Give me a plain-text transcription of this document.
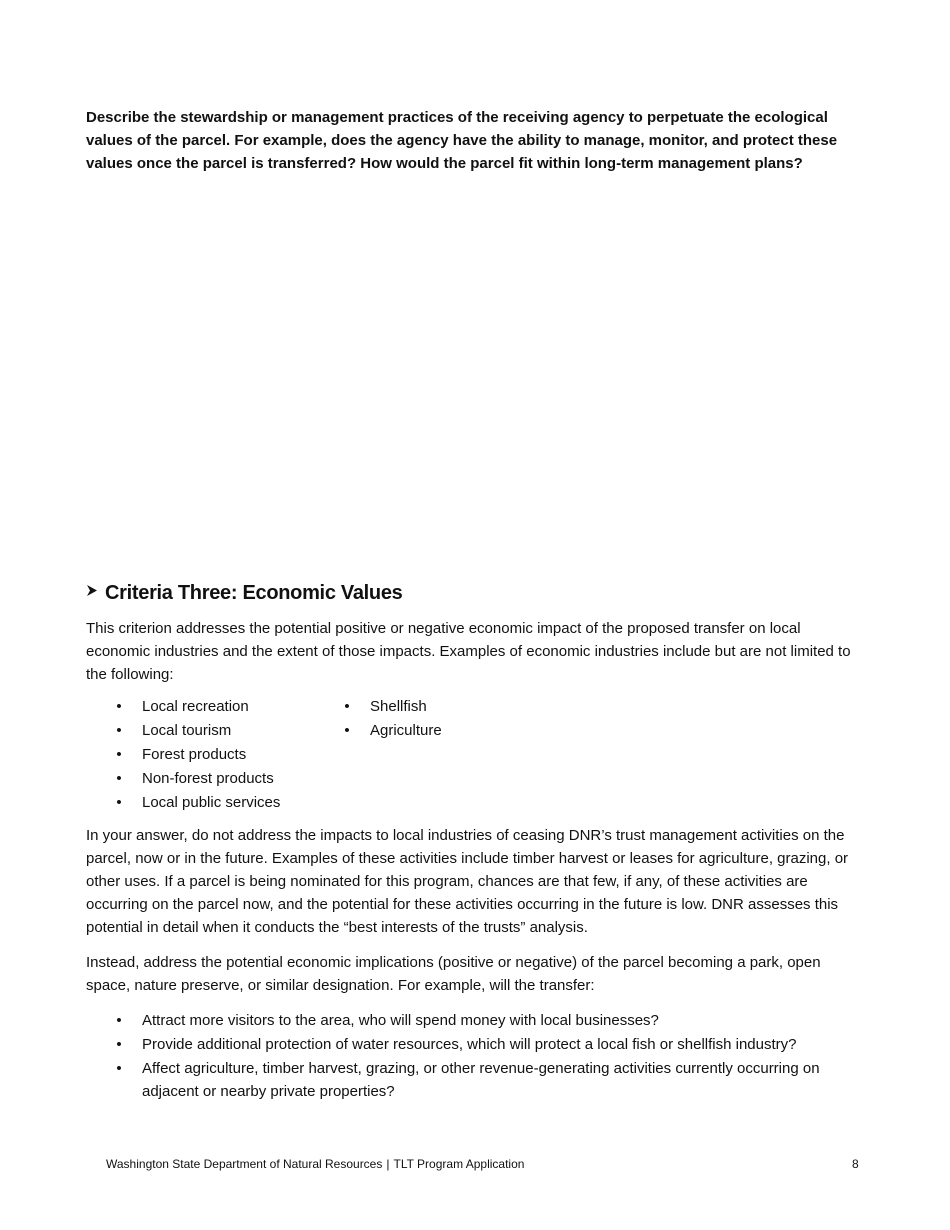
Describe the stewardship or management practices of the receiving agency to perpetuate the ecological values of the parcel. For example, does the agency have the ability to manage, monitor, and protect these values once the parcel is transferred? How would the parcel fit within long-term management plans?

Criteria Three: Economic Values

This criterion addresses the potential positive or negative economic impact of the proposed transfer on local economic industries and the extent of those impacts. Examples of economic industries include but are not limited to the following:

• Local recreation
• Local tourism
• Forest products
• Non-forest products
• Local public services
• Shellfish
• Agriculture

In your answer, do not address the impacts to local industries of ceasing DNR’s trust management activities on the parcel, now or in the future. Examples of these activities include timber harvest or leases for agriculture, grazing, or other uses. If a parcel is being nominated for this program, chances are that few, if any, of these activities are occurring on the parcel now, and the potential for these activities occurring in the future is low. DNR assesses this potential in detail when it conducts the “best interests of the trusts” analysis.

Instead, address the potential economic implications (positive or negative) of the parcel becoming a park, open space, nature preserve, or similar designation. For example, will the transfer:

• Attract more visitors to the area, who will spend money with local businesses?
• Provide additional protection of water resources, which will protect a local fish or shellfish industry?
• Affect agriculture, timber harvest, grazing, or other revenue-generating activities currently occurring on adjacent or nearby private properties?
Washington State Department of Natural Resources | TLT Program Application	8
